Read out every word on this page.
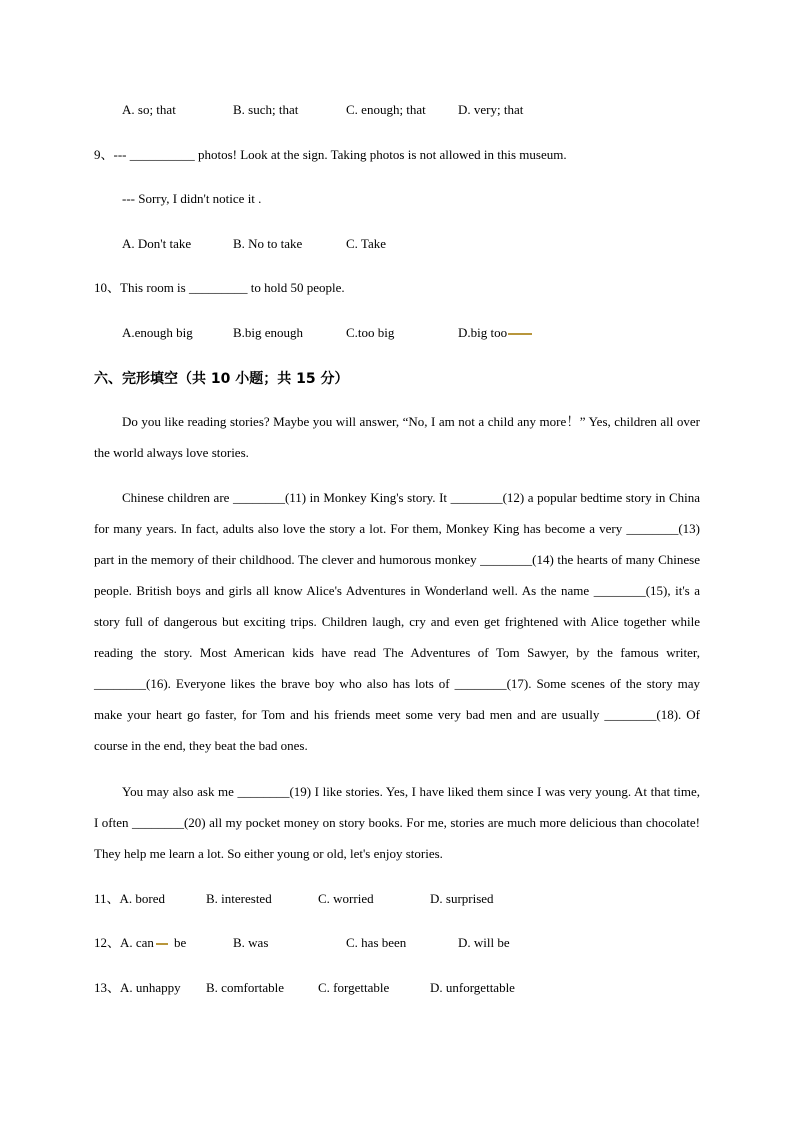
A. so; that	B. such; that	C. enough; that D. very; that
9、--- __________ photos! Look at the sign. Taking photos is not allowed in this museum.
--- Sorry, I didn't notice it .
A. Don't take	B. No to take	C. Take
10、This room is _________ to hold 50 people.
A.enough big	B.big enough	C.too big	D.big too
六、完形填空（共 10 小题；共 15 分）
Do you like reading stories? Maybe you will answer, “No, I am not a child any more！” Yes, children all over the world always love stories.
Chinese children are ________(11) in Monkey King's story. It ________(12) a popular bedtime story in China for many years. In fact, adults also love the story a lot. For them, Monkey King has become a very ________(13) part in the memory of their childhood. The clever and humorous monkey ________(14) the hearts of many Chinese people. British boys and girls all know Alice's Adventures in Wonderland well. As the name ________(15), it's a story full of dangerous but exciting trips. Children laugh, cry and even get frightened with Alice together while reading the story. Most American kids have read The Adventures of Tom Sawyer, by the famous writer, ________(16). Everyone likes the brave boy who also has lots of ________(17). Some scenes of the story may make your heart go faster, for Tom and his friends meet some very bad men and are usually ________(18). Of course in the end, they beat the bad ones.
You may also ask me ________(19) I like stories. Yes, I have liked them since I was very young. At that time, I often ________(20) all my pocket money on story books. For me, stories are much more delicious than chocolate! They help me learn a lot. So either young or old, let's enjoy stories.
11、A. bored	B. interested	C. worried	D. surprised
12、A. can be	B. was	C. has been	D. will be
13、A. unhappy B. comfortable	C. forgettable	D. unforgettable
